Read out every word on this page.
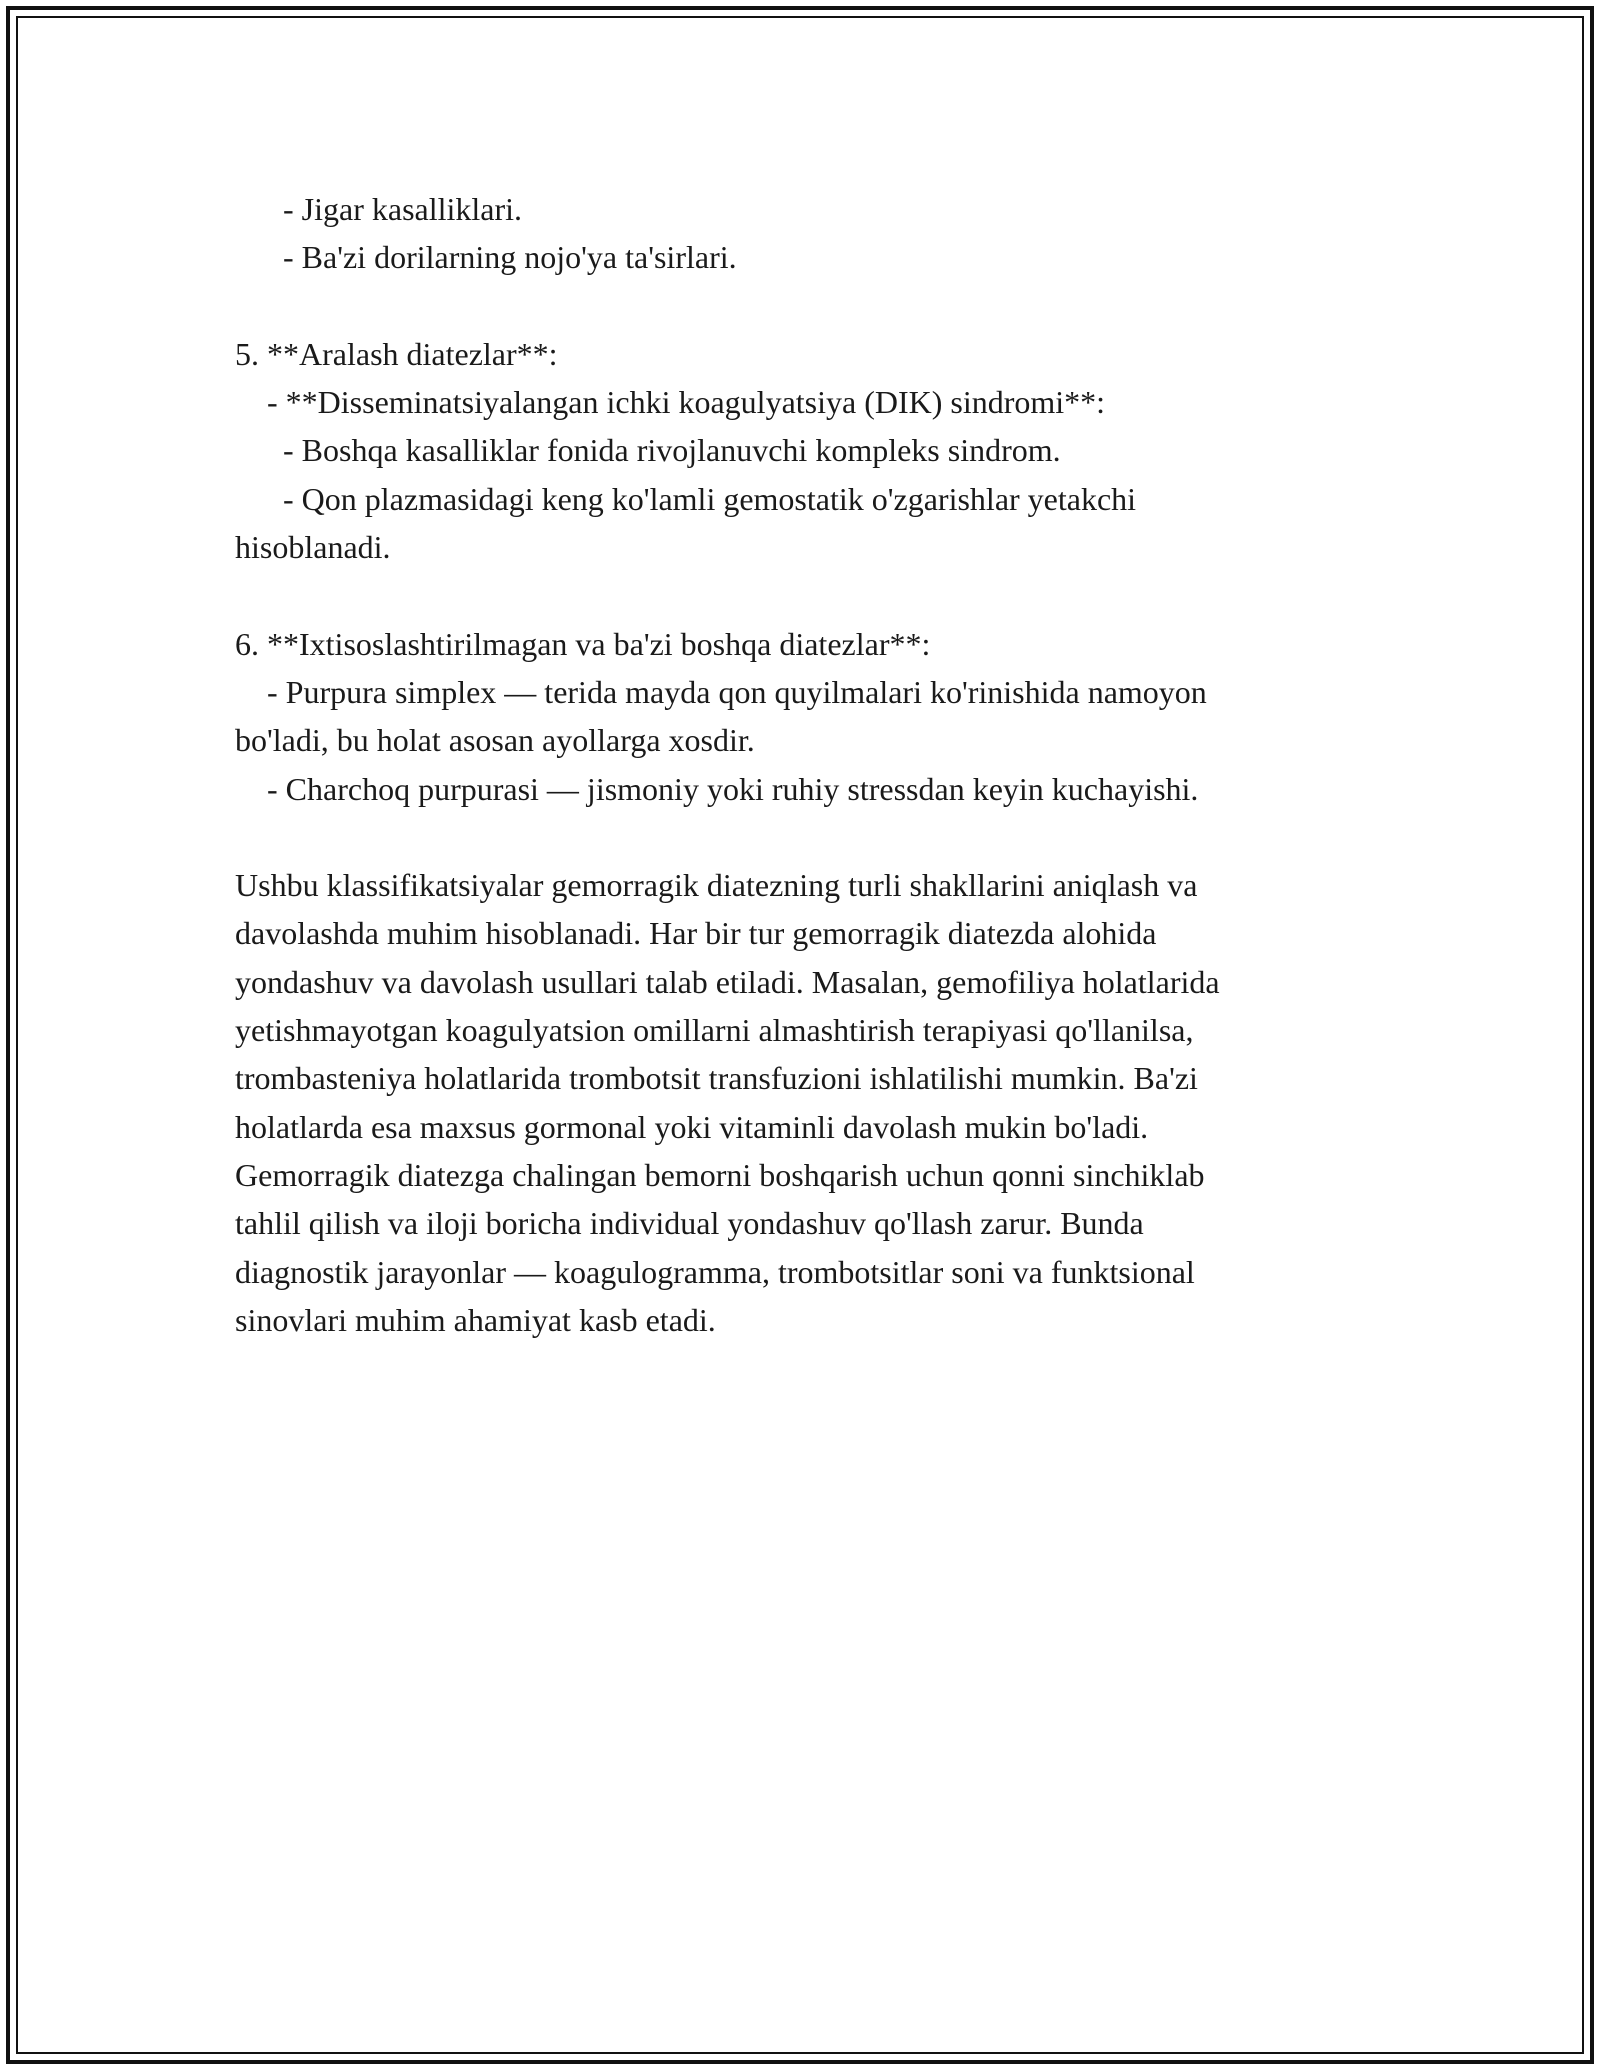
- Jigar kasalliklari.
- Ba'zi dorilarning nojo'ya ta'sirlari.
5. **Aralash diatezlar**:
- **Disseminatsiyalangan ichki koagulyatsiya (DIK) sindromi**:
- Boshqa kasalliklar fonida rivojlanuvchi kompleks sindrom.
- Qon plazmasidagi keng ko'lamli gemostatik o'zgarishlar yetakchi
hisoblanadi.
6. **Ixtisoslashtirilmagan va ba'zi boshqa diatezlar**:
- Purpura simplex — terida mayda qon quyilmalari ko'rinishida namoyon
bo'ladi, bu holat asosan ayollarga xosdir.
- Charchoq purpurasi — jismoniy yoki ruhiy stressdan keyin kuchayishi.
Ushbu klassifikatsiyalar gemorragik diatezning turli shakllarini aniqlash va
davolashda muhim hisoblanadi. Har bir tur gemorragik diatezda alohida
yondashuv va davolash usullari talab etiladi. Masalan, gemofiliya holatlarida
yetishmayotgan koagulyatsion omillarni almashtirish terapiyasi qo'llanilsa,
trombasteniya holatlarida trombotsit transfuzioni ishlatilishi mumkin. Ba'zi
holatlarda esa maxsus gormonal yoki vitaminli davolash mukin bo'ladi.
Gemorragik diatezga chalingan bemorni boshqarish uchun qonni sinchiklab
tahlil qilish va iloji boricha individual yondashuv qo'llash zarur. Bunda
diagnostik jarayonlar — koagulogramma, trombotsitlar soni va funktsional
sinovlari muhim ahamiyat kasb etadi.
